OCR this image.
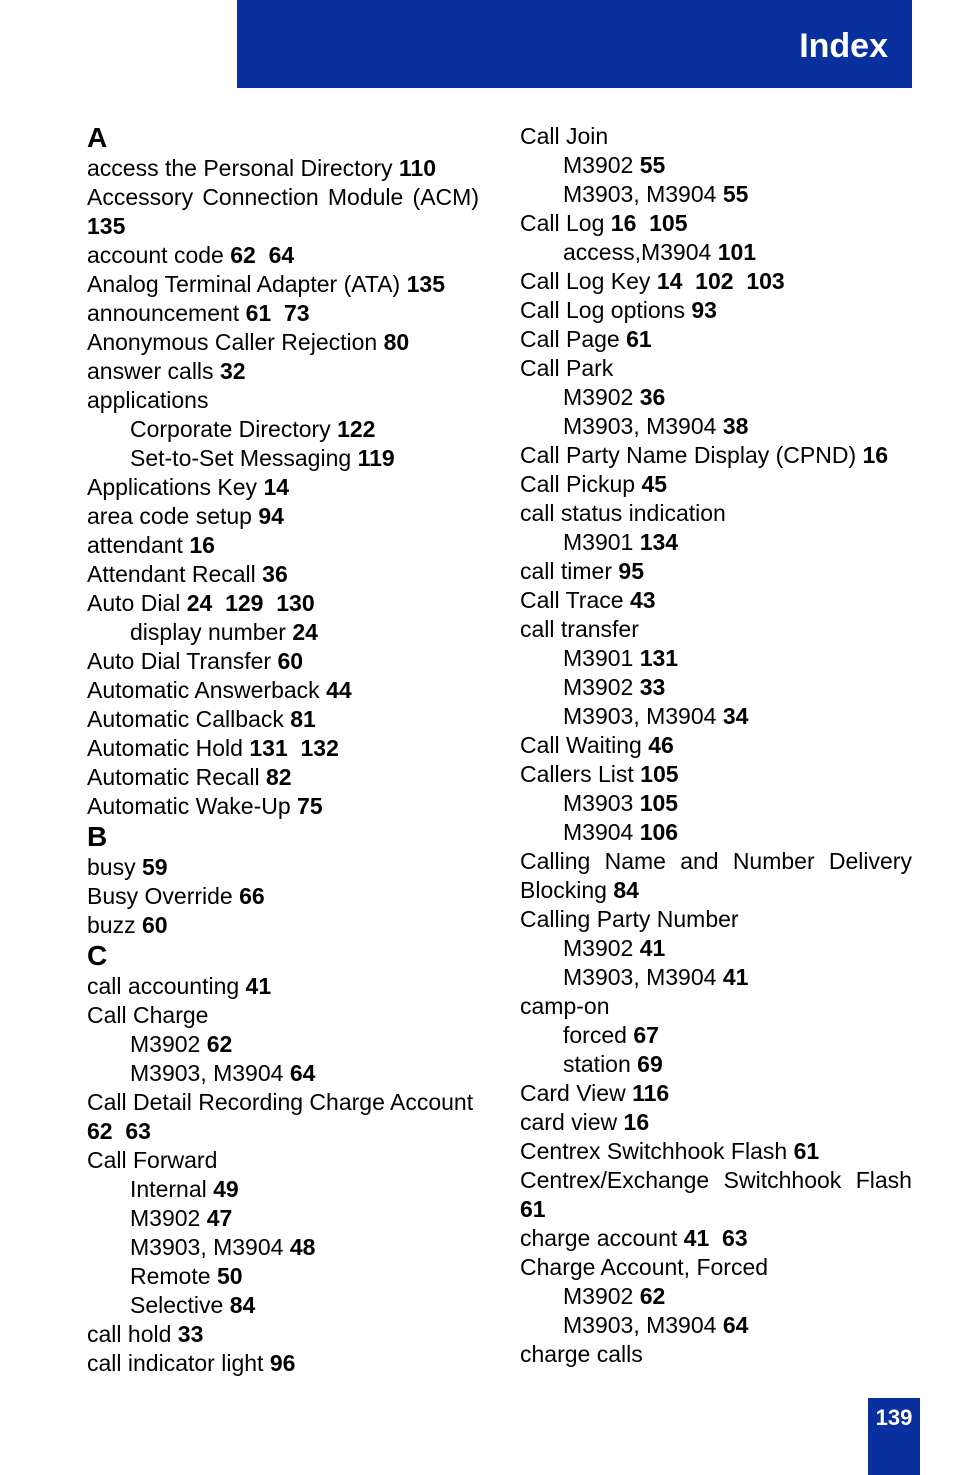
Index
A
access the Personal Directory 110
Accessory Connection Module (ACM)
135
account code 62  64
Analog Terminal Adapter (ATA) 135
announcement 61  73
Anonymous Caller Rejection 80
answer calls 32
applications
Corporate Directory 122
Set-to-Set Messaging 119
Applications Key 14
area code setup 94
attendant 16
Attendant Recall 36
Auto Dial 24  129  130
display number 24
Auto Dial Transfer 60
Automatic Answerback 44
Automatic Callback 81
Automatic Hold 131  132
Automatic Recall 82
Automatic Wake-Up 75
B
busy 59
Busy Override 66
buzz 60
C
call accounting 41
Call Charge
M3902 62
M3903, M3904 64
Call Detail Recording Charge Account
62  63
Call Forward
Internal 49
M3902 47
M3903, M3904 48
Remote 50
Selective 84
call hold 33
call indicator light 96
Call Join
M3902 55
M3903, M3904 55
Call Log 16  105
access,M3904 101
Call Log Key 14  102  103
Call Log options 93
Call Page 61
Call Park
M3902 36
M3903, M3904 38
Call Party Name Display (CPND) 16
Call Pickup 45
call status indication
M3901 134
call timer 95
Call Trace 43
call transfer
M3901 131
M3902 33
M3903, M3904 34
Call Waiting 46
Callers List 105
M3903 105
M3904 106
Calling Name and Number Delivery
Blocking 84
Calling Party Number
M3902 41
M3903, M3904 41
camp-on
forced 67
station 69
Card View 116
card view 16
Centrex Switchhook Flash 61
Centrex/Exchange Switchhook Flash
61
charge account 41  63
Charge Account, Forced
M3902 62
M3903, M3904 64
charge calls
139
